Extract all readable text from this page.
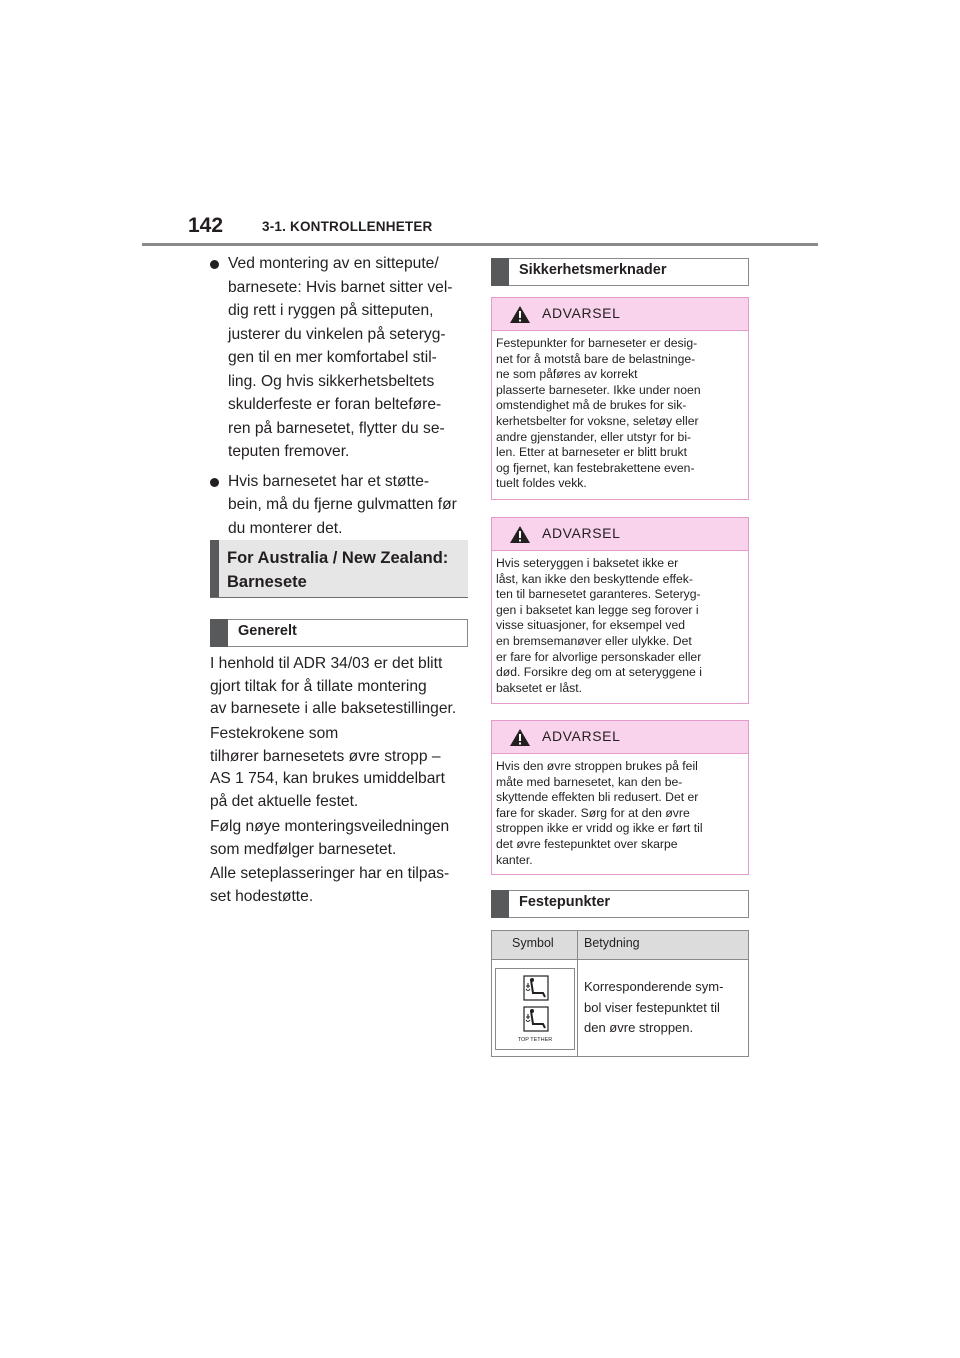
142	3-1. KONTROLLENHETER
Ved montering av en sittepute/
barnesete: Hvis barnet sitter vel-
dig rett i ryggen på sitteputen,
justerer du vinkelen på seteryg-
gen til en mer komfortabel stil-
ling. Og hvis sikkerhetsbeltets
skulderfeste er foran belteføre-
ren på barnesetet, flytter du se-
teputen fremover.
Hvis barnesetet har et støtte-
bein, må du fjerne gulvmatten før
du monterer det.
For Australia / New Zealand:
Barnesete
Generelt
I henhold til ADR 34/03 er det blitt
gjort tiltak for å tillate montering
av barnesete i alle baksetestillinger.
Festekrokene som
tilhører barnesetets øvre stropp –
AS 1 754, kan brukes umiddelbart
på det aktuelle festet.
Følg nøye monteringsveiledningen
som medfølger barnesetet.
Alle seteplasseringer har en tilpas-
set hodestøtte.
Sikkerhetsmerknader
ADVARSEL
Festepunkter for barneseter er desig-
net for å motstå bare de belastninge-
ne som påføres av korrekt
plasserte barneseter. Ikke under noen
omstendighet må de brukes for sik-
kerhetsbelter for voksne, seletøy eller
andre gjenstander, eller utstyr for bi-
len. Etter at barneseter er blitt brukt
og fjernet, kan festebrakettene even-
tuelt foldes vekk.
ADVARSEL
Hvis seteryggen i baksetet ikke er
låst, kan ikke den beskyttende effek-
ten til barnesetet garanteres. Seteryg-
gen i baksetet kan legge seg forover i
visse situasjoner, for eksempel ved
en bremsemanøver eller ulykke. Det
er fare for alvorlige personskader eller
død. Forsikre deg om at seteryggene i
baksetet er låst.
ADVARSEL
Hvis den øvre stroppen brukes på feil
måte med barnesetet, kan den be-
skyttende effekten bli redusert. Det er
fare for skader. Sørg for at den øvre
stroppen ikke er vridd og ikke er ført til
det øvre festepunktet over skarpe
kanter.
Festepunkter
Symbol Betydning
TOP TETHER
Korresponderende sym-
bol viser festepunktet til
den øvre stroppen.
